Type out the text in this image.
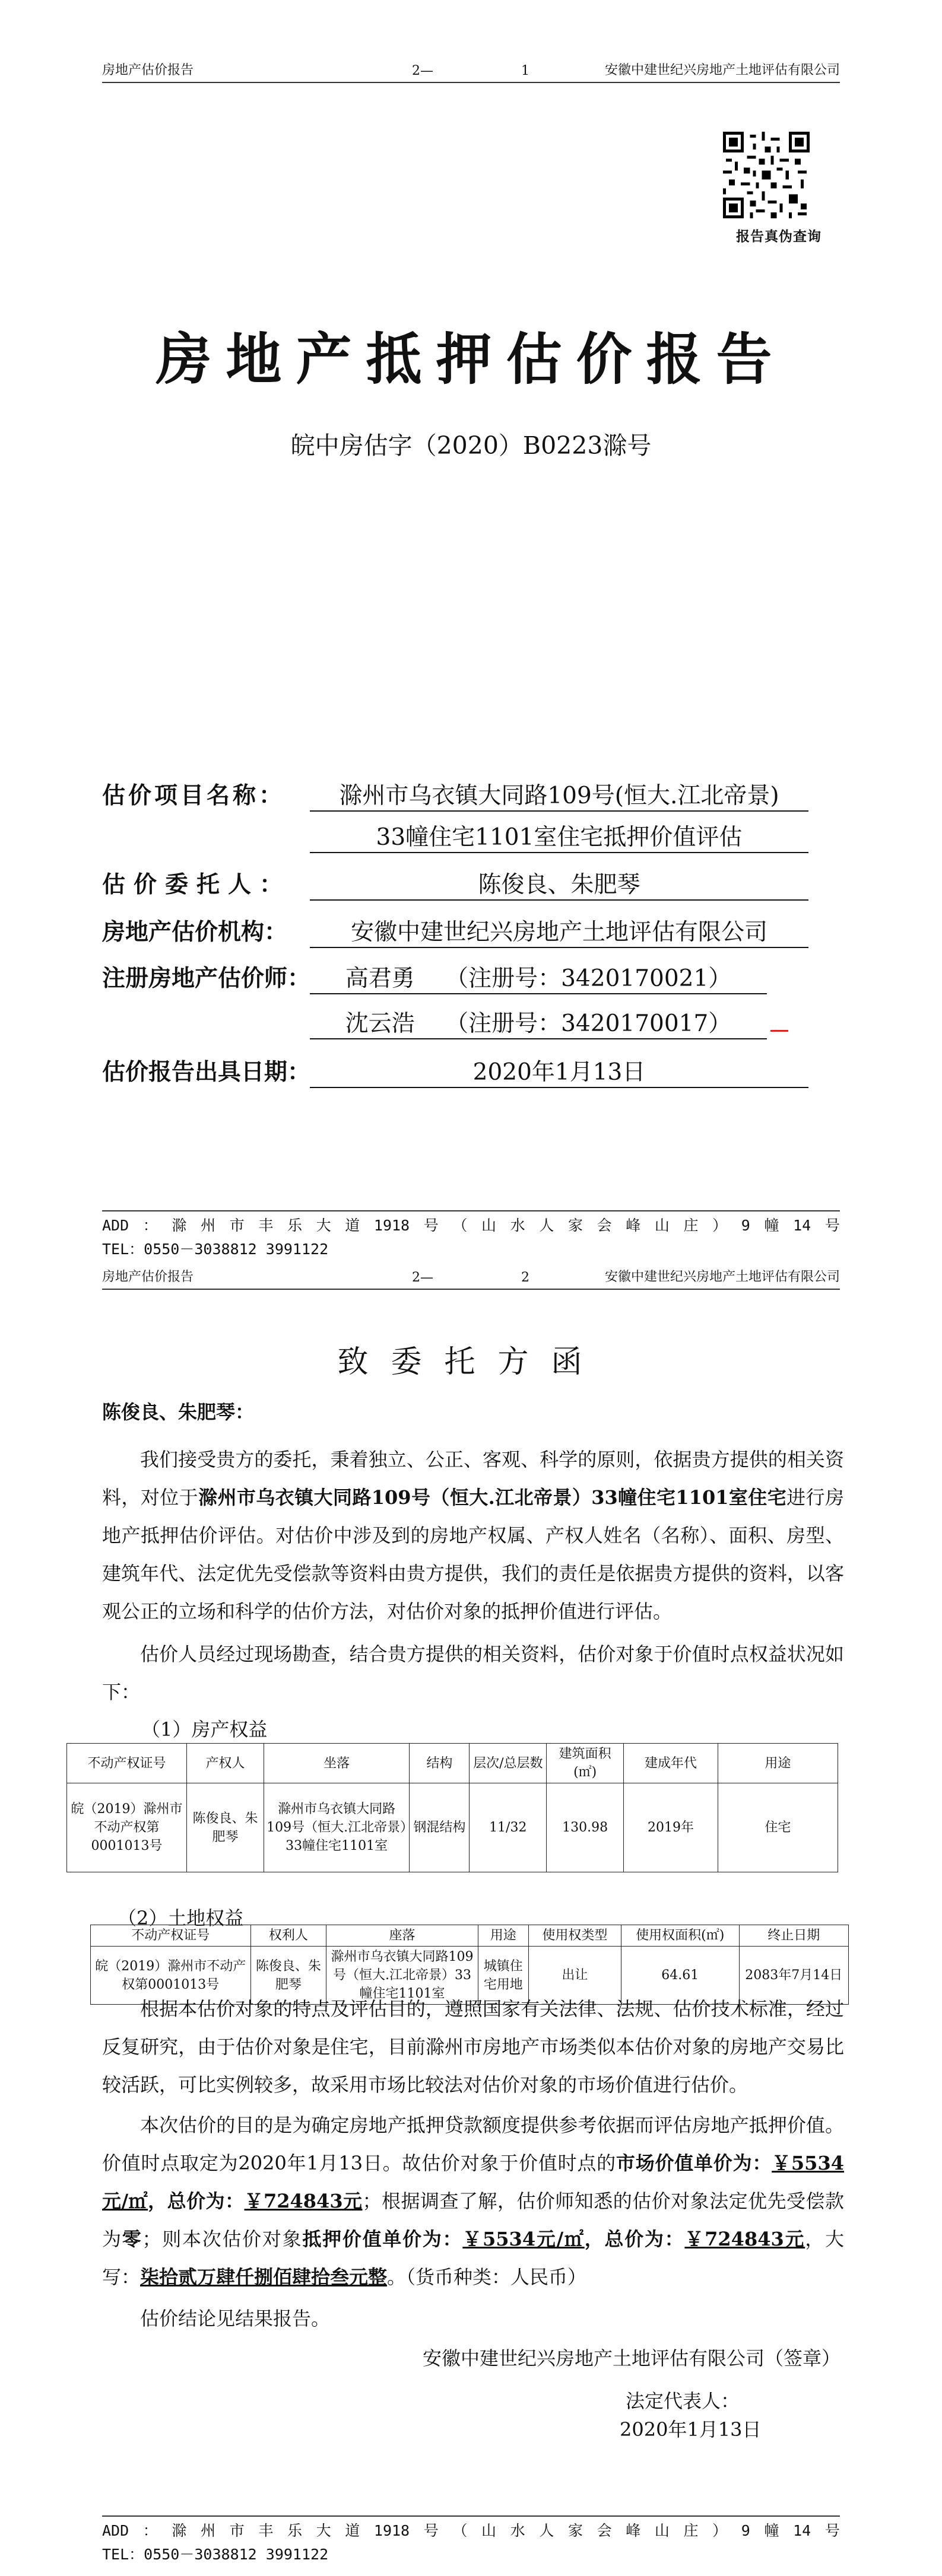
房地产估价报告	2—	1	安徽中建世纪兴房地产土地评估有限公司
报告真伪查询
房地产抵押估价报告
皖中房估字（2020）B0223滁号
估价项目名称：	滁州市乌衣镇大同路109号(恒大.江北帝景)
33幢住宅1101室住宅抵押价值评估
估价委托人：	陈俊良、朱肥琴
房地产估价机构：	安徽中建世纪兴房地产土地评估有限公司
注册房地产估价师：	高君勇　 （注册号：3420170021）
沈云浩　 （注册号：3420170017）
估价报告出具日期：	2020年1月13日
ADD ： 滁 州 市 丰 乐 大 道 1918 号 （ 山 水 人 家 会 峰 山 庄 ） 9 幢 14 号
TEL：0550－3038812 3991122
房地产估价报告	2—	2	安徽中建世纪兴房地产土地评估有限公司
致委托方函
陈俊良、朱肥琴：
我们接受贵方的委托，秉着独立、公正、客观、科学的原则，依据贵方提供的相关资料，对位于滁州市乌衣镇大同路109号（恒大.江北帝景）33幢住宅1101室住宅进行房地产抵押估价评估。对估价中涉及到的房地产权属、产权人姓名（名称）、面积、房型、建筑年代、法定优先受偿款等资料由贵方提供，我们的责任是依据贵方提供的资料，以客观公正的立场和科学的估价方法，对估价对象的抵押价值进行评估。
估价人员经过现场勘查，结合贵方提供的相关资料，估价对象于价值时点权益状况如下：
（1）房产权益
不动产权证号	产权人	坐落	结构	层次/总层数	建筑面积(㎡)	建成年代	用途
皖（2019）滁州市不动产权第0001013号	陈俊良、朱肥琴	滁州市乌衣镇大同路109号（恒大.江北帝景）33幢住宅1101室	钢混结构	11/32	130.98	2019年	住宅
（2）土地权益
不动产权证号	权利人	座落	用途	使用权类型	使用权面积(㎡)	终止日期
皖（2019）滁州市不动产权第0001013号	陈俊良、朱肥琴	滁州市乌衣镇大同路109号（恒大.江北帝景）33幢住宅1101室	城镇住宅用地	出让	64.61	2083年7月14日
根据本估价对象的特点及评估目的，遵照国家有关法律、法规、估价技术标准，经过反复研究，由于估价对象是住宅，目前滁州市房地产市场类似本估价对象的房地产交易比较活跃，可比实例较多，故采用市场比较法对估价对象的市场价值进行估价。
本次估价的目的是为确定房地产抵押贷款额度提供参考依据而评估房地产抵押价值。价值时点取定为2020年1月13日。故估价对象于价值时点的市场价值单价为：￥5534元/㎡，总价为：￥724843元；根据调查了解，估价师知悉的估价对象法定优先受偿款为零；则本次估价对象抵押价值单价为：￥5534元/㎡，总价为：￥724843元，大写：柒拾贰万肆仟捌佰肆拾叁元整。（货币种类：人民币）
估价结论见结果报告。
安徽中建世纪兴房地产土地评估有限公司（签章）
法定代表人：
2020年1月13日
ADD ： 滁 州 市 丰 乐 大 道 1918 号 （ 山 水 人 家 会 峰 山 庄 ） 9 幢 14 号
TEL：0550－3038812 3991122
